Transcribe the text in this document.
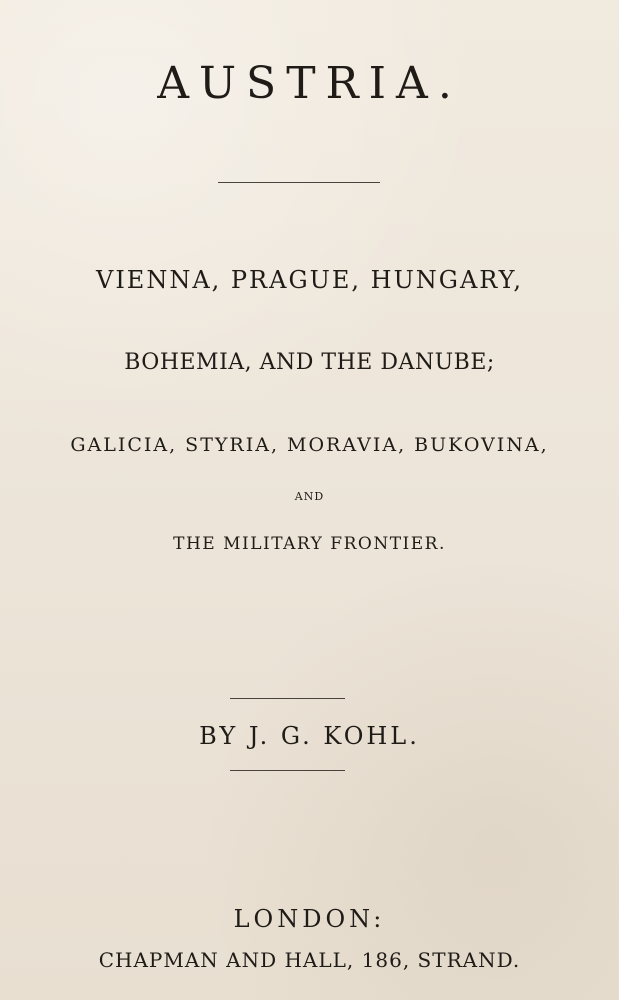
AUSTRIA.
VIENNA, PRAGUE, HUNGARY,
BOHEMIA, AND THE DANUBE;
GALICIA, STYRIA, MORAVIA, BUKOVINA,
AND
THE MILITARY FRONTIER.
BY J. G. KOHL.
LONDON:
CHAPMAN AND HALL, 186, STRAND.
